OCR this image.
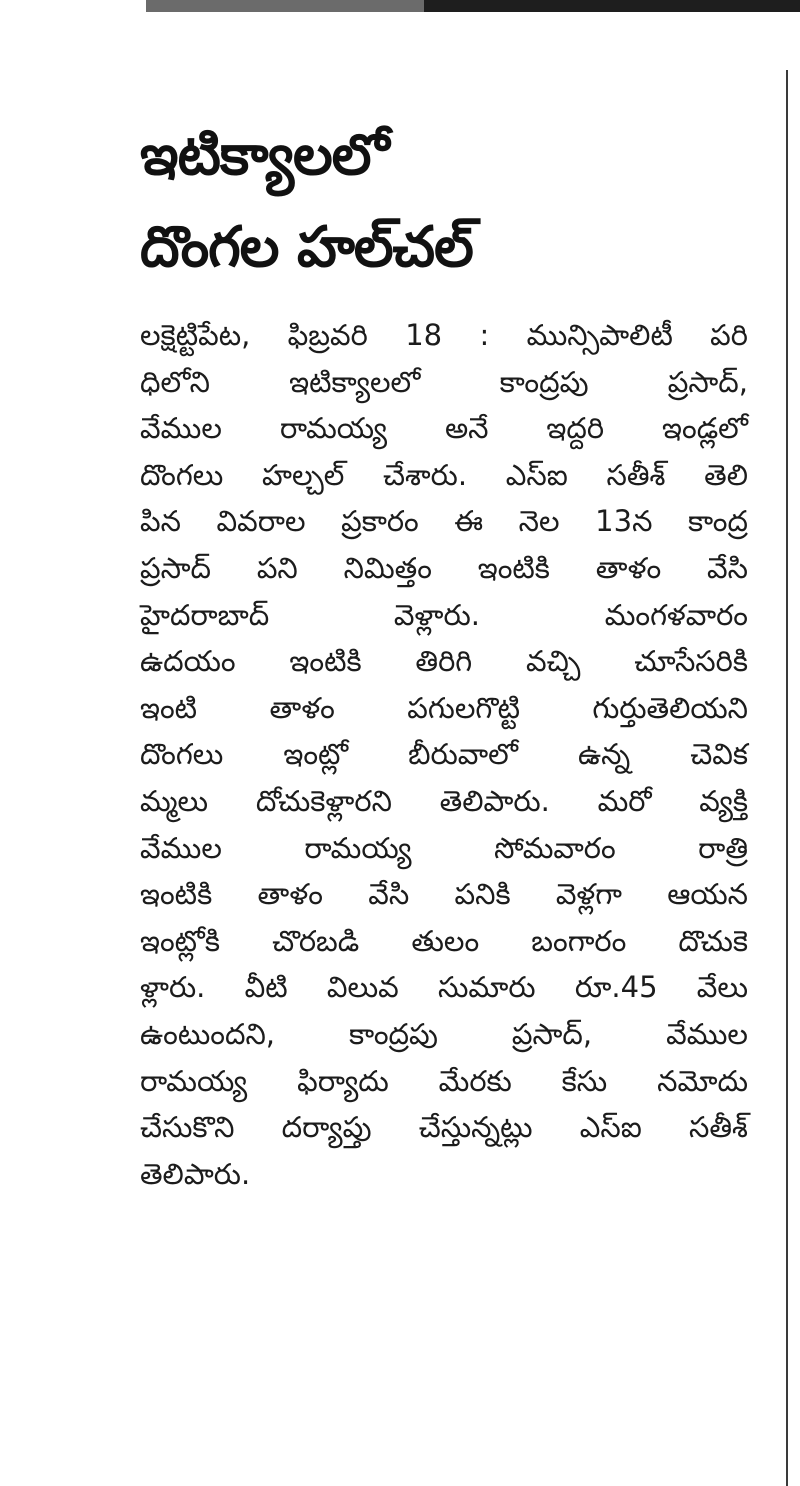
ఇటిక్యాలలో
దొంగల హల్‌చల్
లక్షెట్టిపేట, ఫిబ్రవరి 18 : మున్సిపాలిటీ పరి
ధిలోని ఇటిక్యాలలో కాంద్రపు ప్రసాద్,
వేముల రామయ్య అనే ఇద్దరి ఇండ్లలో
దొంగలు హల్చల్ చేశారు. ఎస్ఐ సతీశ్ తెలి
పిన వివరాల ప్రకారం ఈ నెల 13న కాంద్ర
ప్రసాద్ పని నిమిత్తం ఇంటికి తాళం వేసి
హైదరాబాద్ వెళ్లారు. మంగళవారం
ఉదయం ఇంటికి తిరిగి వచ్చి చూసేసరికి
ఇంటి తాళం పగులగొట్టి గుర్తుతెలియని
దొంగలు ఇంట్లో బీరువాలో ఉన్న చెవిక
మ్మలు దోచుకెళ్లారని తెలిపారు. మరో వ్యక్తి
వేముల రామయ్య సోమవారం రాత్రి
ఇంటికి తాళం వేసి పనికి వెళ్లగా ఆయన
ఇంట్లోకి చొరబడి తులం బంగారం దొచుకె
ళ్లారు. వీటి విలువ సుమారు రూ.45 వేలు
ఉంటుందని, కాంద్రపు ప్రసాద్, వేముల
రామయ్య ఫిర్యాదు మేరకు కేసు నమోదు
చేసుకొని దర్యాప్తు చేస్తున్నట్లు ఎస్ఐ సతీశ్
తెలిపారు.
